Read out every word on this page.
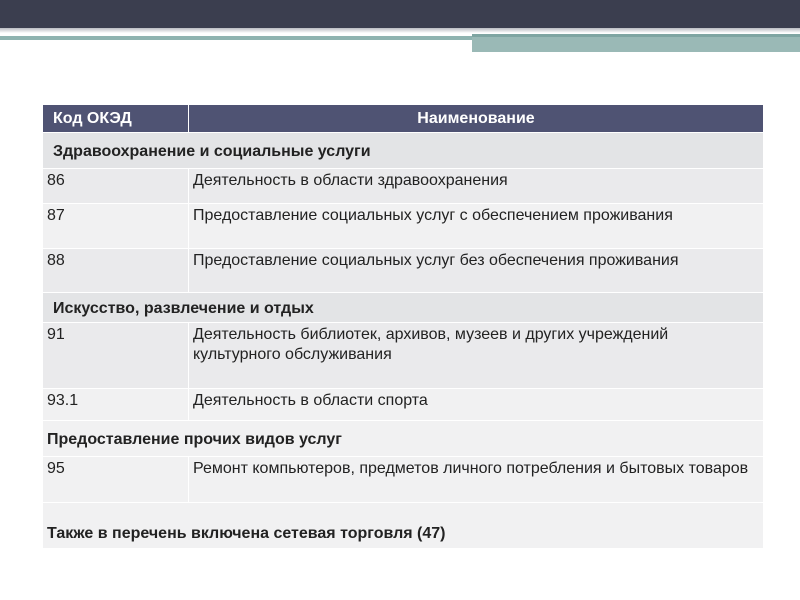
Код ОКЭД	Наименование
Здравоохранение и социальные услуги	
86	Деятельность в области здравоохранения
87	Предоставление социальных услуг с обеспечением проживания
88	Предоставление социальных услуг без обеспечения проживания
Искусство, развлечение и отдых	
91	Деятельность библиотек, архивов, музеев и других учреждений культурного обслуживания
93.1	Деятельность в области спорта
Предоставление прочих видов услуг	
95	Ремонт компьютеров, предметов личного потребления и бытовых товаров
Также в перечень включена сетевая торговля (47)	
